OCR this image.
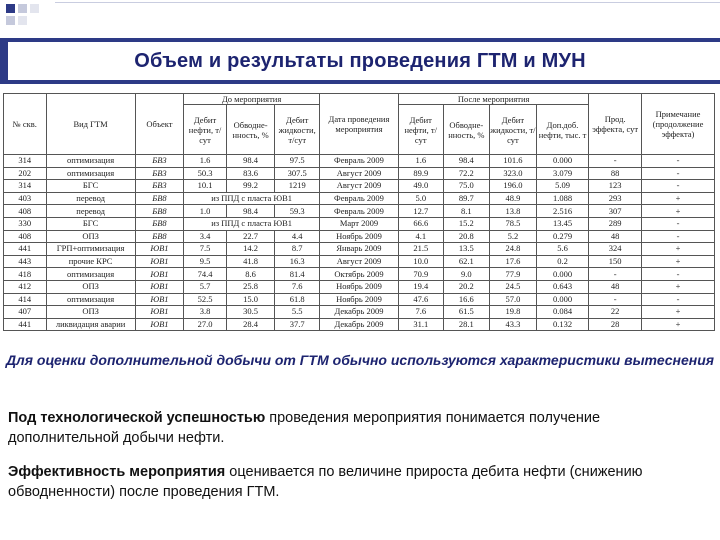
Объем и результаты проведения ГТМ и МУН
№ скв.	Вид ГТМ	Объект	До мероприятия			Дата проведения мероприятия	После мероприятия				Прод. эффекта, сут	Примечание (продолжение эффекта)
			Дебит нефти, т/сут	Обводне-нность, %	Дебит жидкости, т/сут		Дебит нефти, т/сут	Обводне-нность, %	Дебит жидкости, т/сут	Доп.доб. нефти, тыс. т		
314	оптимизация	БВ3	1.6	98.4	97.5	Февраль 2009	1.6	98.4	101.6	0.000	-	-
202	оптимизация	БВ3	50.3	83.6	307.5	Август 2009	89.9	72.2	323.0	3.079	88	-
314	БГС	БВ3	10.1	99.2	1219	Август 2009	49.0	75.0	196.0	5.09	123	-
403	перевод	БВ8	из ППД с пласта ЮВ1			Февраль 2009	5.0	89.7	48.9	1.088	293	+
408	перевод	БВ8	1.0	98.4	59.3	Февраль 2009	12.7	8.1	13.8	2.516	307	+
330	БГС	БВ8	из ППД с пласта ЮВ1			Март 2009	66.6	15.2	78.5	13.45	289	-
408	ОПЗ	БВ8	3.4	22.7	4.4	Ноябрь 2009	4.1	20.8	5.2	0.279	48	-
441	ГРП+оптимизация	ЮВ1	7.5	14.2	8.7	Январь 2009	21.5	13.5	24.8	5.6	324	+
443	прочие КРС	ЮВ1	9.5	41.8	16.3	Август 2009	10.0	62.1	17.6	0.2	150	+
418	оптимизация	ЮВ1	74.4	8.6	81.4	Октябрь 2009	70.9	9.0	77.9	0.000	-	-
412	ОПЗ	ЮВ1	5.7	25.8	7.6	Ноябрь 2009	19.4	20.2	24.5	0.643	48	+
414	оптимизация	ЮВ1	52.5	15.0	61.8	Ноябрь 2009	47.6	16.6	57.0	0.000	-	-
407	ОПЗ	ЮВ1	3.8	30.5	5.5	Декабрь 2009	7.6	61.5	19.8	0.084	22	+
441	ликвидация аварии	ЮВ1	27.0	28.4	37.7	Декабрь 2009	31.1	28.1	43.3	0.132	28	+
Для оценки дополнительной добычи от ГТМ обычно используются характеристики вытеснения
Под технологической успешностью проведения мероприятия понимается получение дополнительной добычи нефти.
Эффективность мероприятия оценивается по величине прироста дебита нефти (снижению обводненности) после проведения ГТМ.
